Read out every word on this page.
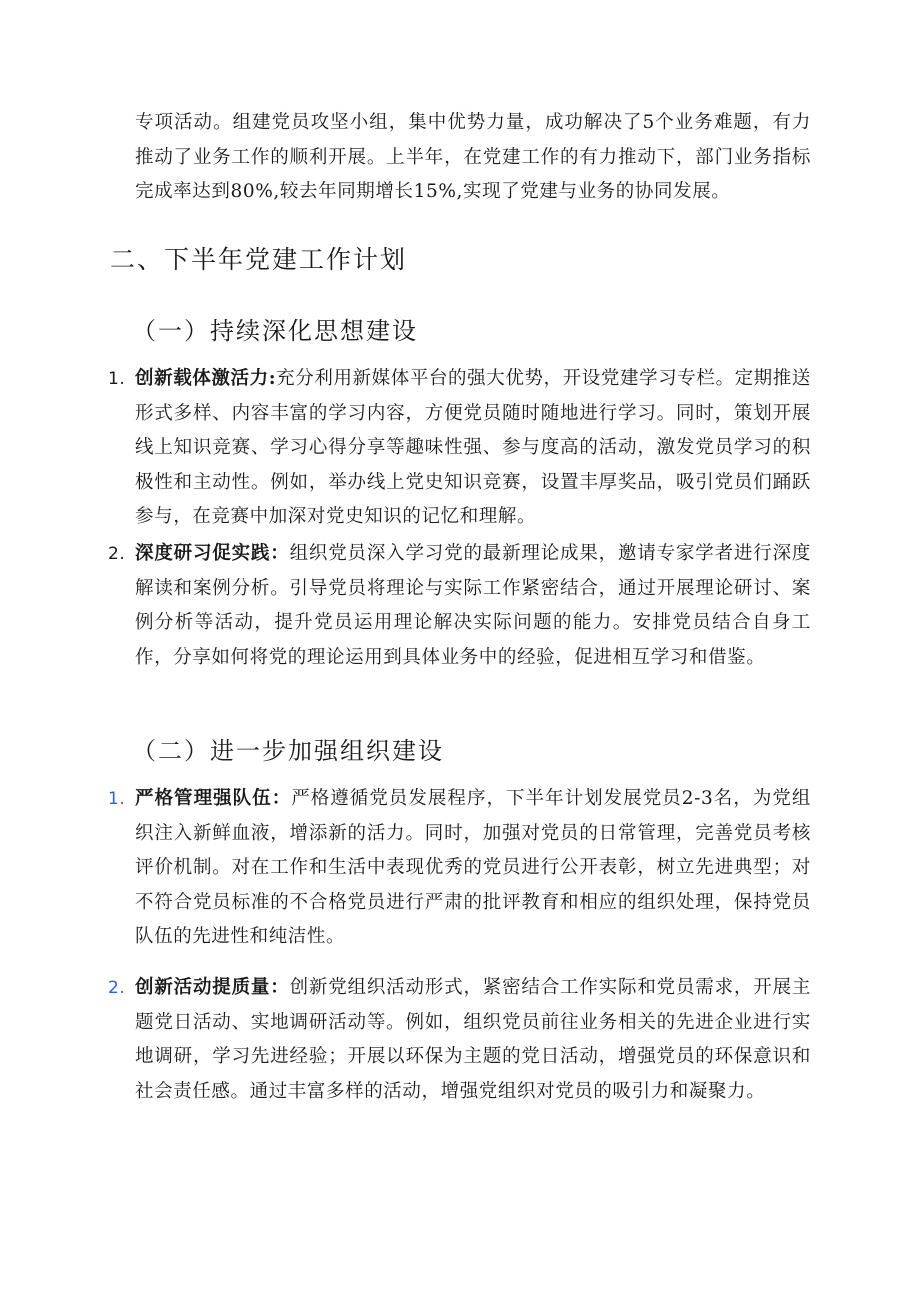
专项活动。组建党员攻坚小组，集中优势力量，成功解决了5个业务难题，有力推动了业务工作的顺利开展。上半年，在党建工作的有力推动下，部门业务指标完成率达到80%,较去年同期增长15%,实现了党建与业务的协同发展。

二、下半年党建工作计划
（一）持续深化思想建设
1. 创新载体激活力:充分利用新媒体平台的强大优势，开设党建学习专栏。定期推送形式多样、内容丰富的学习内容，方便党员随时随地进行学习。同时，策划开展线上知识竞赛、学习心得分享等趣味性强、参与度高的活动，激发党员学习的积极性和主动性。例如，举办线上党史知识竞赛，设置丰厚奖品，吸引党员们踊跃参与，在竞赛中加深对党史知识的记忆和理解。
2. 深度研习促实践：组织党员深入学习党的最新理论成果，邀请专家学者进行深度解读和案例分析。引导党员将理论与实际工作紧密结合，通过开展理论研讨、案例分析等活动，提升党员运用理论解决实际问题的能力。安排党员结合自身工作，分享如何将党的理论运用到具体业务中的经验，促进相互学习和借鉴。
（二）进一步加强组织建设
1. 严格管理强队伍：严格遵循党员发展程序，下半年计划发展党员2-3名，为党组织注入新鲜血液，增添新的活力。同时，加强对党员的日常管理，完善党员考核评价机制。对在工作和生活中表现优秀的党员进行公开表彰，树立先进典型；对不符合党员标准的不合格党员进行严肃的批评教育和相应的组织处理，保持党员队伍的先进性和纯洁性。
2. 创新活动提质量：创新党组织活动形式，紧密结合工作实际和党员需求，开展主题党日活动、实地调研活动等。例如，组织党员前往业务相关的先进企业进行实地调研，学习先进经验；开展以环保为主题的党日活动，增强党员的环保意识和社会责任感。通过丰富多样的活动，增强党组织对党员的吸引力和凝聚力。
